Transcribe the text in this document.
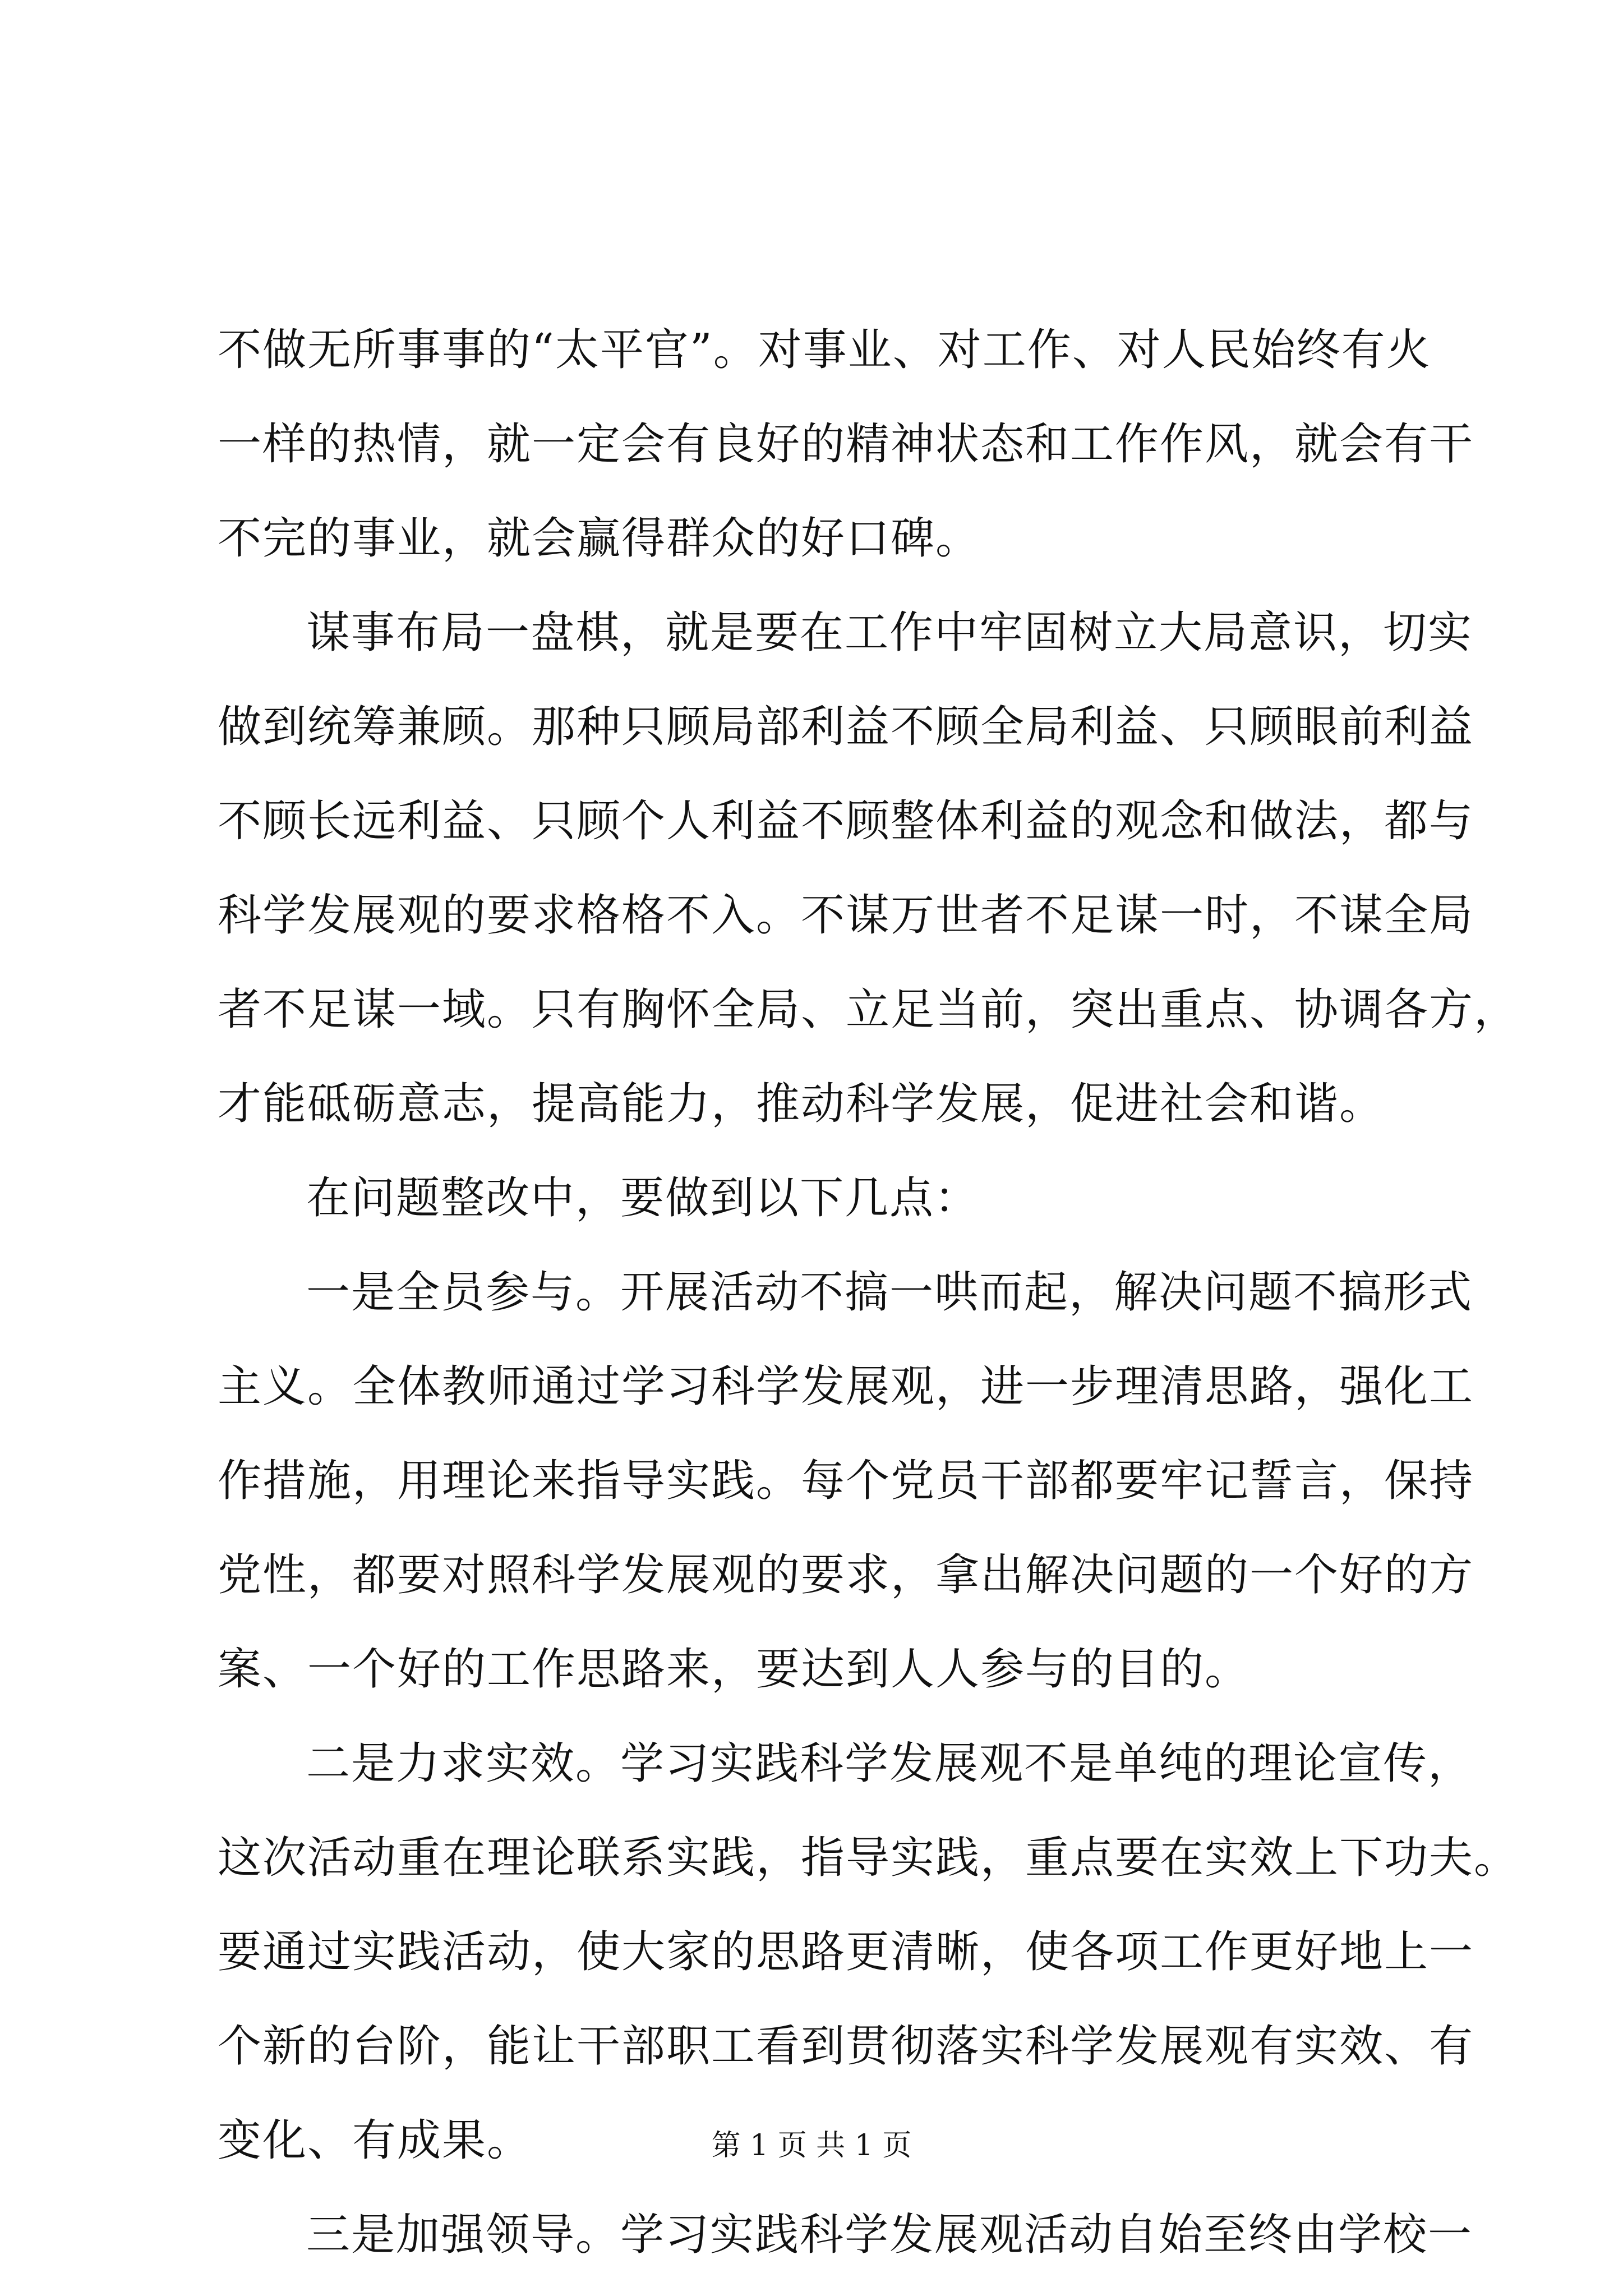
不做无所事事的“太平官”。对事业、对工作、对人民始终有火
一样的热情，就一定会有良好的精神状态和工作作风，就会有干
不完的事业，就会赢得群众的好口碑。
谋事布局一盘棋，就是要在工作中牢固树立大局意识，切实
做到统筹兼顾。那种只顾局部利益不顾全局利益、只顾眼前利益
不顾长远利益、只顾个人利益不顾整体利益的观念和做法，都与
科学发展观的要求格格不入。不谋万世者不足谋一时，不谋全局
者不足谋一域。只有胸怀全局、立足当前，突出重点、协调各方，
才能砥砺意志，提高能力，推动科学发展，促进社会和谐。
在问题整改中，要做到以下几点：
一是全员参与。开展活动不搞一哄而起，解决问题不搞形式
主义。全体教师通过学习科学发展观，进一步理清思路，强化工
作措施，用理论来指导实践。每个党员干部都要牢记誓言，保持
党性，都要对照科学发展观的要求，拿出解决问题的一个好的方
案、一个好的工作思路来，要达到人人参与的目的。
二是力求实效。学习实践科学发展观不是单纯的理论宣传，
这次活动重在理论联系实践，指导实践，重点要在实效上下功夫。
要通过实践活动，使大家的思路更清晰，使各项工作更好地上一
个新的台阶，能让干部职工看到贯彻落实科学发展观有实效、有
变化、有成果。
三是加强领导。学习实践科学发展观活动自始至终由学校一
第 1 页 共 1 页
